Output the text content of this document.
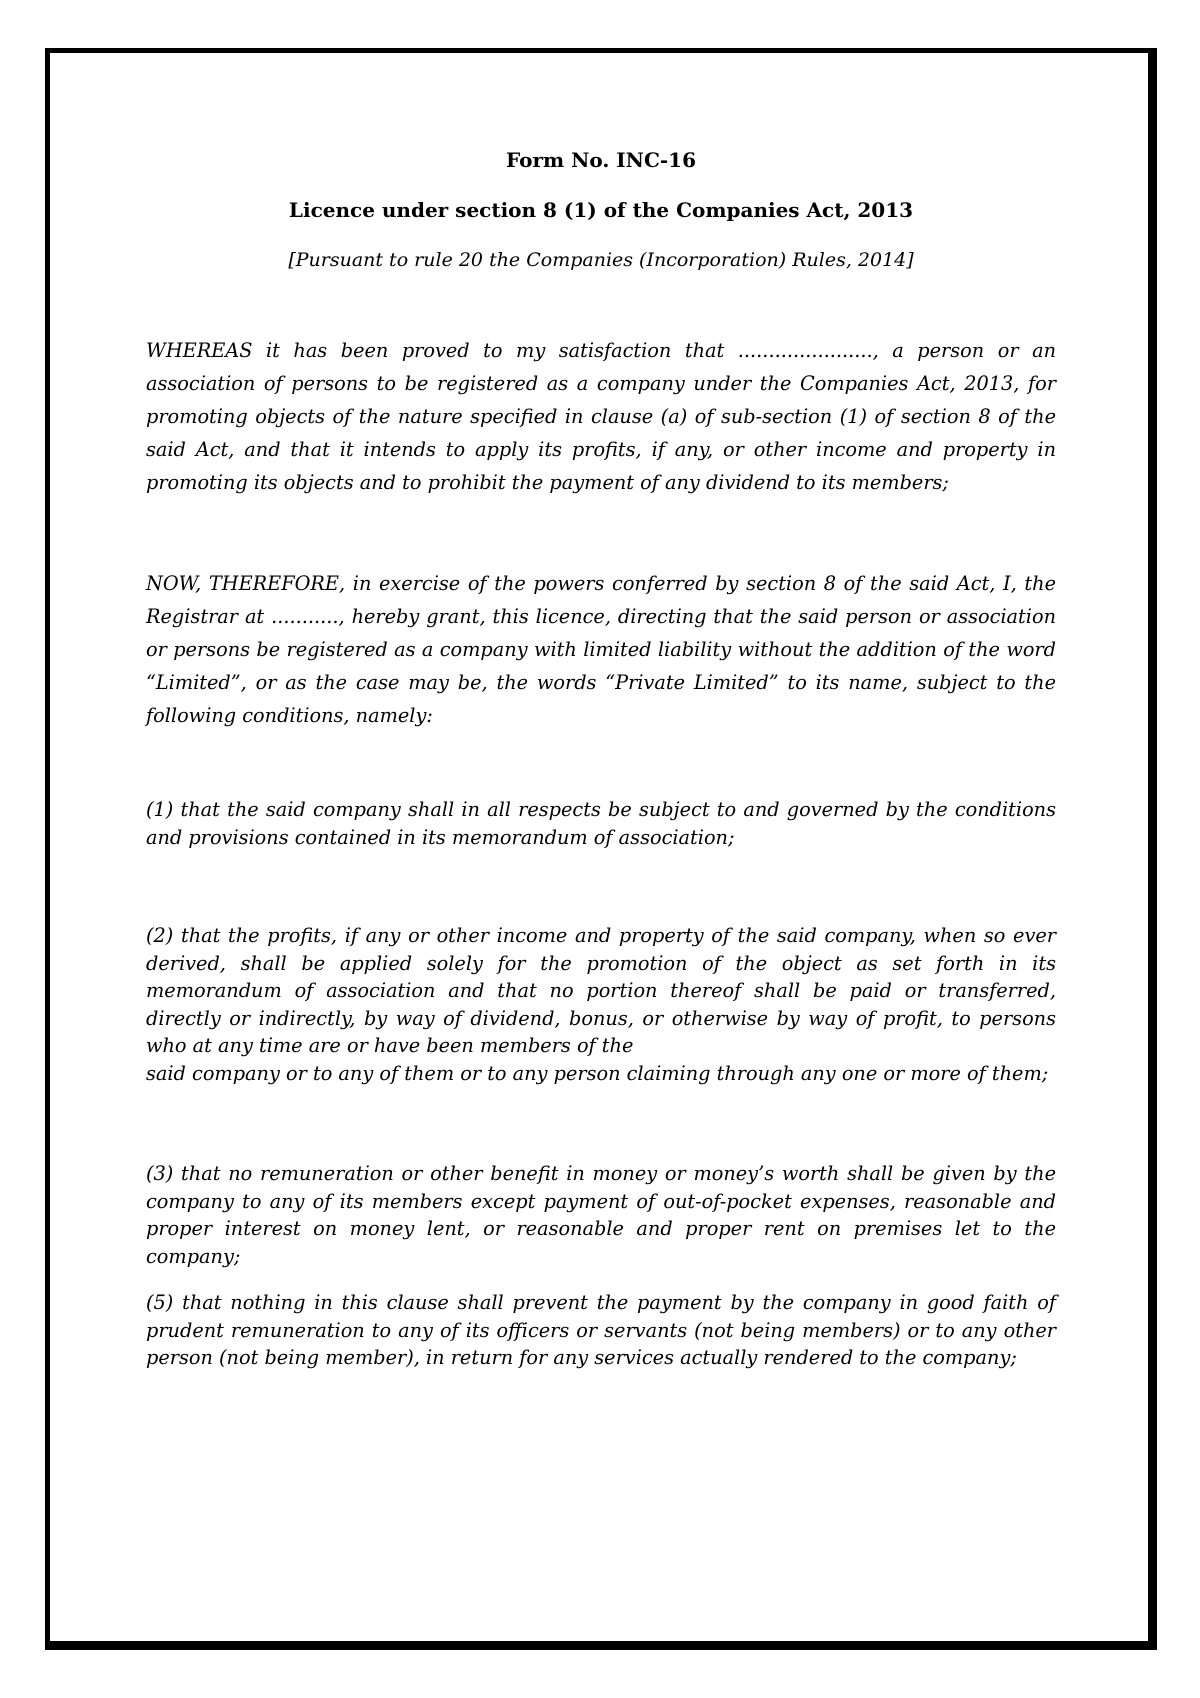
Form No. INC-16

Licence under section 8 (1) of the Companies Act, 2013

[Pursuant to rule 20 the Companies (Incorporation) Rules, 2014]

WHEREAS it has been proved to my satisfaction that ......................, a person or an association of persons to be registered as a company under the Companies Act, 2013, for promoting objects of the nature specified in clause (a) of sub-section (1) of section 8 of the said Act, and that it intends to apply its profits, if any, or other income and property in promoting its objects and to prohibit the payment of any dividend to its members;

NOW, THEREFORE, in exercise of the powers conferred by section 8 of the said Act, I, the Registrar at ..........., hereby grant, this licence, directing that the said person or association or persons be registered as a company with limited liability without the addition of the word “Limited”, or as the case may be, the words “Private Limited” to its name, subject to the following conditions, namely:

(1) that the said company shall in all respects be subject to and governed by the conditions and provisions contained in its memorandum of association;

(2) that the profits, if any or other income and property of the said company, when so ever derived, shall be applied solely for the promotion of the object as set forth in its memorandum of association and that no portion thereof shall be paid or transferred, directly or indirectly, by way of dividend, bonus, or otherwise by way of profit, to persons who at any time are or have been members of the

said company or to any of them or to any person claiming through any one or more of them;

(3) that no remuneration or other benefit in money or money’s worth shall be given by the company to any of its members except payment of out-of-pocket expenses, reasonable and proper interest on money lent, or reasonable and proper rent on premises let to the company;

(5) that nothing in this clause shall prevent the payment by the company in good faith of prudent remuneration to any of its officers or servants (not being members) or to any other person (not being member), in return for any services actually rendered to the company;
